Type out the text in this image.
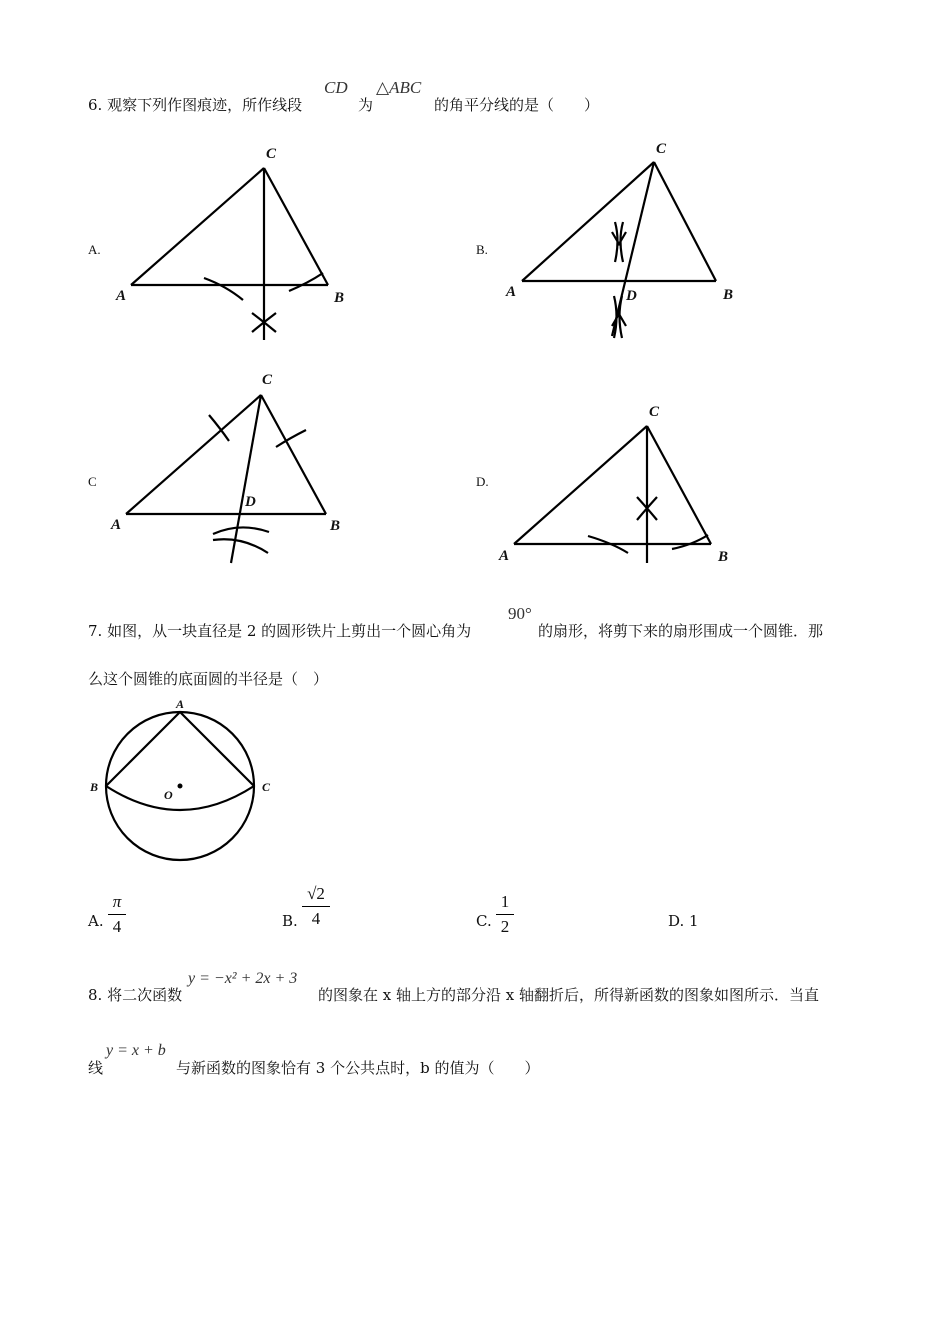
6. 观察下列作图痕迹，所作线段
CD
为
△ABC
的角平分线的是（　　）
A.
C
A	B
B.
C
A	D	B
C
C
A
D
B
D.
C
A	B
7. 如图，从一块直径是 2 的圆形铁片上剪出一个圆心角为
90°
的扇形，将剪下来的扇形围成一个圆锥．那
么这个圆锥的底面圆的半径是（　）
A
B	C
O
A.
π
4	B.
√2
4	C.
1
2	D. 1
8. 将二次函数
y = −x² + 2x + 3
的图象在 x 轴上方的部分沿 x 轴翻折后，所得新函数的图象如图所示．当直
线
y = x + b
与新函数的图象恰有 3 个公共点时，b 的值为（　　）
